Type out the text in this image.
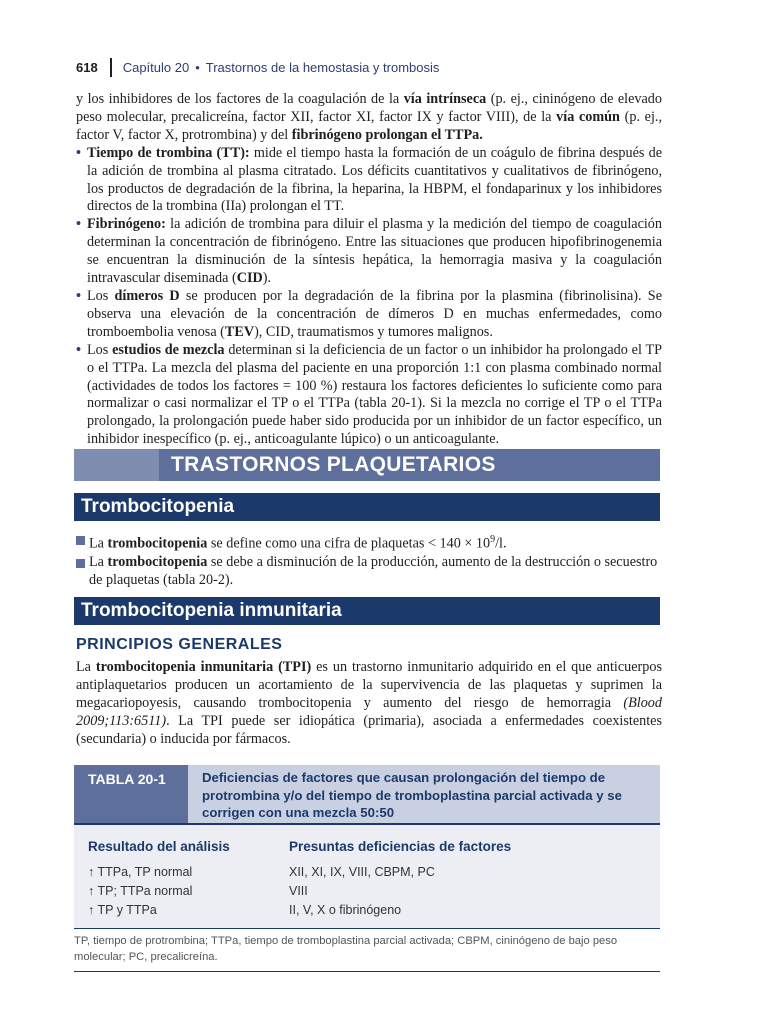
618 Capítulo 20 • Trastornos de la hemostasia y trombosis

y los inhibidores de los factores de la coagulación de la vía intrínseca (p. ej., cininógeno de elevado peso molecular, precalicreína, factor XII, factor XI, factor IX y factor VIII), de la vía común (p. ej., factor V, factor X, protrombina) y del fibrinógeno prolongan el TTPa.

• Tiempo de trombina (TT): mide el tiempo hasta la formación de un coágulo de fibrina después de la adición de trombina al plasma citratado. Los déficits cuantitativos y cualitativos de fibrinógeno, los productos de degradación de la fibrina, la heparina, la HBPM, el fondaparinux y los inhibidores directos de la trombina (IIa) prolongan el TT.

• Fibrinógeno: la adición de trombina para diluir el plasma y la medición del tiempo de coagulación determinan la concentración de fibrinógeno. Entre las situaciones que producen hipofibrinogenemia se encuentran la disminución de la síntesis hepática, la hemorragia masiva y la coagulación intravascular diseminada (CID).

• Los dímeros D se producen por la degradación de la fibrina por la plasmina (fibrinolisina). Se observa una elevación de la concentración de dímeros D en muchas enfermedades, como tromboembolia venosa (TEV), CID, traumatismos y tumores malignos.

• Los estudios de mezcla determinan si la deficiencia de un factor o un inhibidor ha prolongado el TP o el TTPa. La mezcla del plasma del paciente en una proporción 1:1 con plasma combinado normal (actividades de todos los factores = 100 %) restaura los factores deficientes lo suficiente como para normalizar o casi normalizar el TP o el TTPa (tabla 20-1). Si la mezcla no corrige el TP o el TTPa prolongado, la prolongación puede haber sido producida por un inhibidor de un factor específico, un inhibidor inespecífico (p. ej., anticoagulante lúpico) o un anticoagulante.

TRASTORNOS PLAQUETARIOS
Trombocitopenia
La trombocitopenia se define como una cifra de plaquetas < $140 \times 10^9/l$.
La trombocitopenia se debe a disminución de la producción, aumento de la destrucción o secuestro de plaquetas (tabla 20-2).
Trombocitopenia inmunitaria
PRINCIPIOS GENERALES

La trombocitopenia inmunitaria (TPI) es un trastorno inmunitario adquirido en el que anticuerpos antiplaquetarios producen un acortamiento de la supervivencia de las plaquetas y suprimen la megacariopoyesis, causando trombocitopenia y aumento del riesgo de hemorragia (Blood 2009;113:6511). La TPI puede ser idiopática (primaria), asociada a enfermedades coexistentes (secundaria) o inducida por fármacos.

TABLA 20-1	Deficiencias de factores que causan prolongación del tiempo de protrombina y/o del tiempo de tromboplastina parcial activada y se corrigen con una mezcla 50:50
Resultado del análisis	Presuntas deficiencias de factores
↑ TTPa, TP normal	XII, XI, IX, VIII, CBPM, PC
↑ TP; TTPa normal	VIII
↑ TP y TTPa	II, V, X o fibrinógeno
TP, tiempo de protrombina; TTPa, tiempo de tromboplastina parcial activada; CBPM, cininógeno de bajo peso molecular; PC, precalicreína.
